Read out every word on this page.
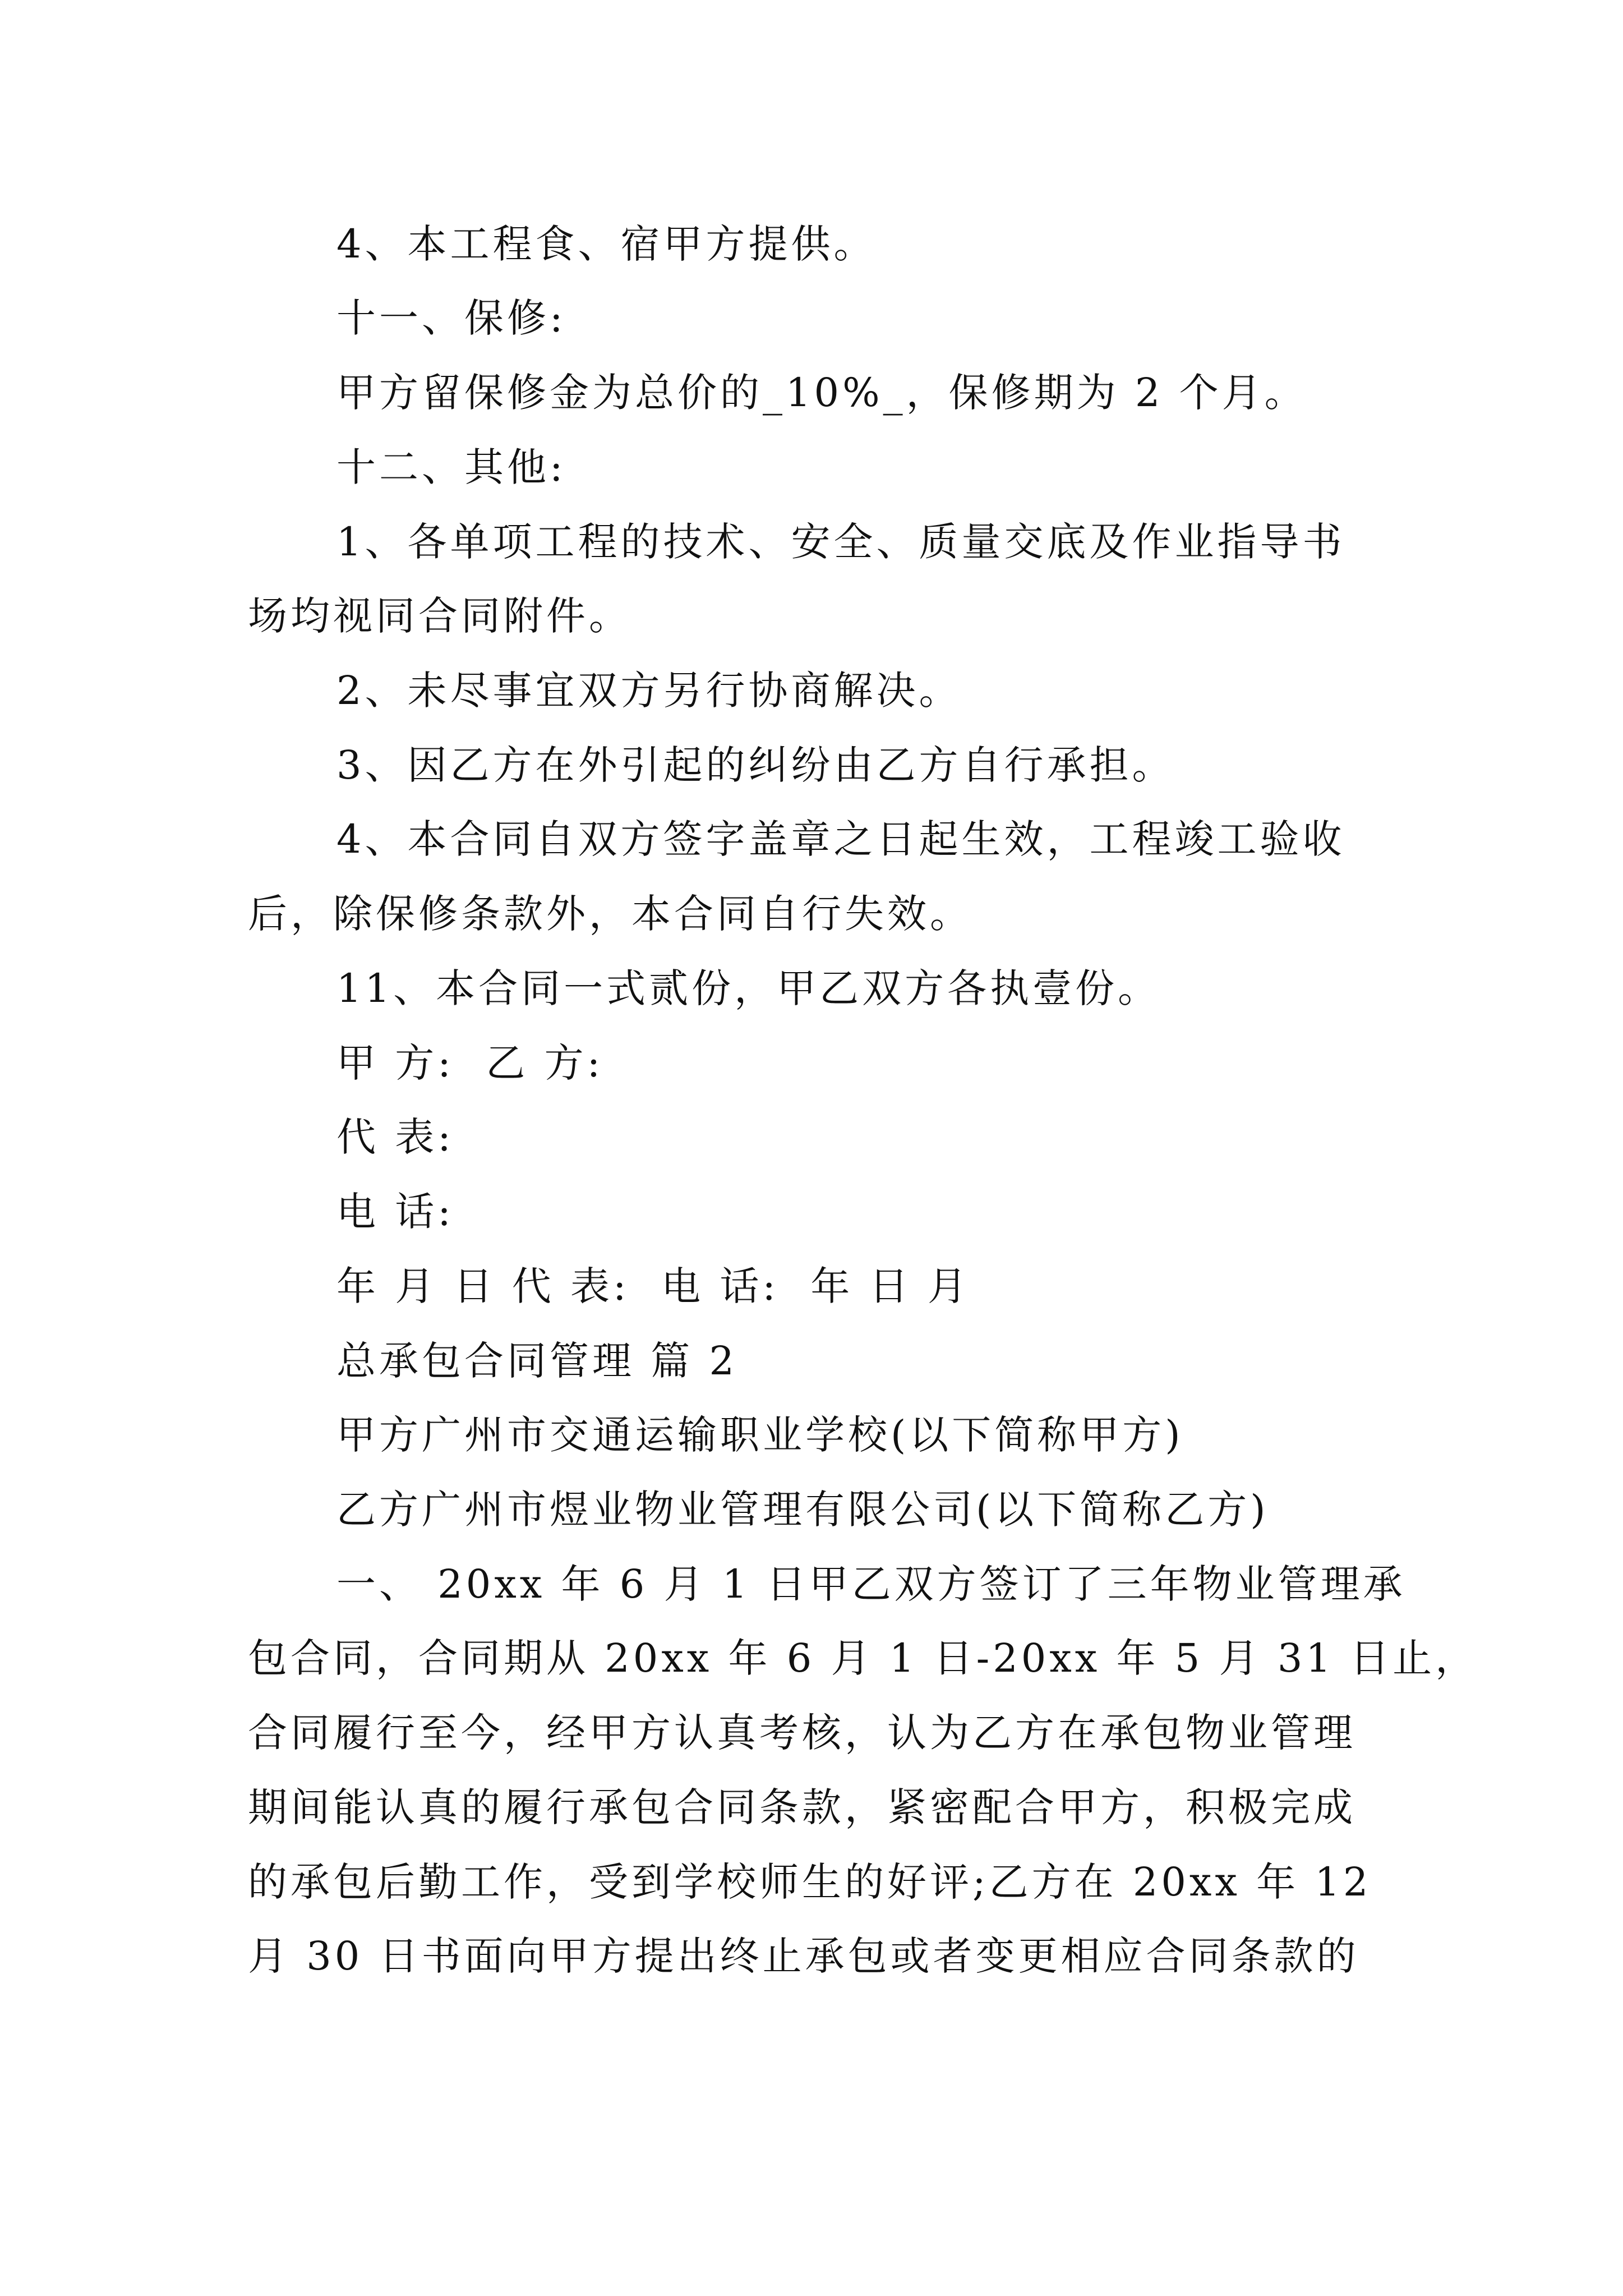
4、本工程食、宿甲方提供。
十一、保修:
甲方留保修金为总价的_10%_，保修期为 2 个月。
十二、其他:
1、各单项工程的技术、安全、质量交底及作业指导书
场均视同合同附件。
2、未尽事宜双方另行协商解决。
3、因乙方在外引起的纠纷由乙方自行承担。
4、本合同自双方签字盖章之日起生效，工程竣工验收
后，除保修条款外，本合同自行失效。
11、本合同一式贰份，甲乙双方各执壹份。
甲 方:  乙 方:
代 表:
电 话:
年 月 日 代 表:  电 话:  年 日 月
总承包合同管理 篇 2
甲方广州市交通运输职业学校(以下简称甲方)
乙方广州市煜业物业管理有限公司(以下简称乙方)
一、 20xx 年 6 月 1 日甲乙双方签订了三年物业管理承
包合同，合同期从 20xx 年 6 月 1 日-20xx 年 5 月 31 日止，
合同履行至今，经甲方认真考核，认为乙方在承包物业管理
期间能认真的履行承包合同条款，紧密配合甲方，积极完成
的承包后勤工作，受到学校师生的好评;乙方在 20xx 年 12
月 30 日书面向甲方提出终止承包或者变更相应合同条款的
